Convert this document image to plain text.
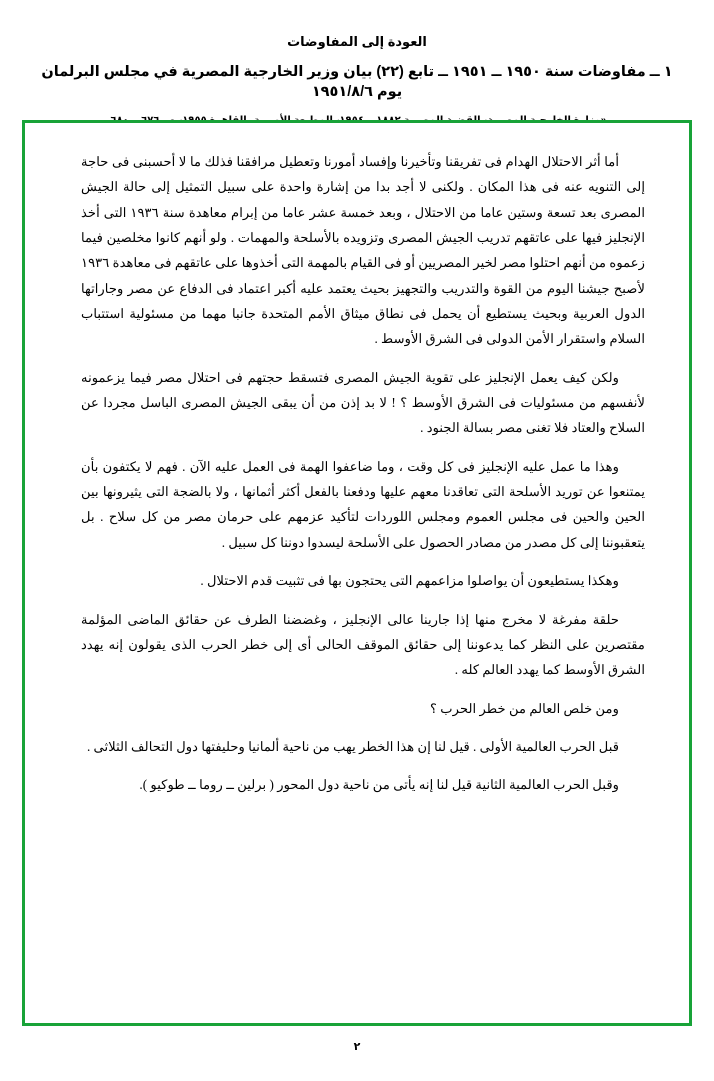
العودة إلى المفاوضات
١ ــ مفاوضات سنة ١٩٥٠ ــ ١٩٥١ ــ تابع (٢٢) بيان وزير الخارجية المصرية في مجلس البرلمان يوم ١٩٥١/٨/٦

أما أثر الاحتلال الهدام فى تفريقنا وتأخيرنا وإفساد أمورنا وتعطيل مرافقنا فذلك ما لا أحسبنى فى حاجة إلى التنويه عنه فى هذا المكان . ولكنى لا أجد بدا من إشارة واحدة على سبيل التمثيل إلى حالة الجيش المصرى بعد تسعة وستين عاما من الاحتلال ، وبعد خمسة عشر عاما من إبرام معاهدة سنة ١٩٣٦ التى أخذ الإنجليز فيها على عاتقهم تدريب الجيش المصرى وتزويده بالأسلحة والمهمات . ولو أنهم كانوا مخلصين فيما زعموه من أنهم احتلوا مصر لخير المصريين أو فى القيام بالمهمة التى أخذوها على عاتقهم فى معاهدة ١٩٣٦ لأصبح جيشنا اليوم من القوة والتدريب والتجهيز بحيث يعتمد عليه أكبر اعتماد فى الدفاع عن مصر وجاراتها الدول العربية وبحيث يستطيع أن يحمل فى نطاق ميثاق الأمم المتحدة جانبا مهما من مسئولية استتباب السلام واستقرار الأمن الدولى فى الشرق الأوسط .

ولكن كيف يعمل الإنجليز على تقوية الجيش المصرى فتسقط حجتهم فى احتلال مصر فيما يزعمونه لأنفسهم من مسئوليات فى الشرق الأوسط ؟ ! لا بد إذن من أن يبقى الجيش المصرى الباسل مجردا عن السلاح والعتاد فلا تغنى مصر بسالة الجنود .

وهذا ما عمل عليه الإنجليز فى كل وقت ، وما ضاعفوا الهمة فى العمل عليه الآن . فهم لا يكتفون بأن يمتنعوا عن توريد الأسلحة التى تعاقدنا معهم عليها ودفعنا بالفعل أكثر أثمانها ، ولا بالضجة التى يثيرونها بين الحين والحين فى مجلس العموم ومجلس اللوردات لتأكيد عزمهم على حرمان مصر من كل سلاح . بل يتعقبوننا إلى كل مصدر من مصادر الحصول على الأسلحة ليسدوا دوننا كل سبيل .

وهكذا يستطيعون أن يواصلوا مزاعمهم التى يحتجون بها فى تثبيت قدم الاحتلال .

حلقة مفرغة لا مخرج منها إذا جارينا عالى الإنجليز ، وغضضنا الطرف عن حقائق الماضى المؤلمة مقتصرين على النظر كما يدعوننا إلى حقائق الموقف الحالى أى إلى خطر الحرب الذى يقولون إنه يهدد الشرق الأوسط كما يهدد العالم كله .

ومن خلص العالم من خطر الحرب ؟

قبل الحرب العالمية الأولى . قيل لنا إن هذا الخطر يهب من ناحية ألمانيا وحليفتها دول التحالف الثلاثى .

وقبل الحرب العالمية الثانية قيل لنا إنه يأتى من ناحية دول المحور ( برلين ــ روما ــ طوكيو ).

٢
